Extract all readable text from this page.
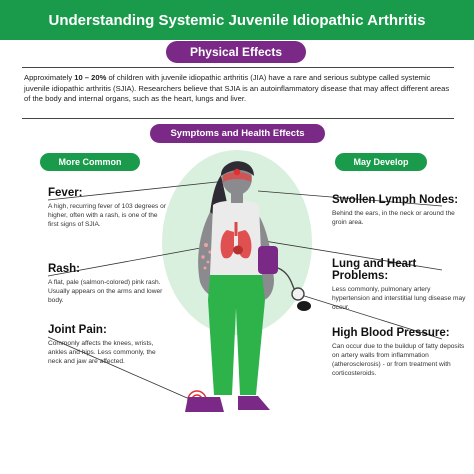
Understanding Systemic Juvenile Idiopathic Arthritis
Physical Effects

Approximately 10 – 20% of children with juvenile idiopathic arthritis (JIA) have a rare and serious subtype called systemic juvenile idiopathic arthritis (SJIA). Researchers believe that SJIA is an autoinflammatory disease that may affect different areas of the body and internal organs, such as the heart, lungs and liver.

Symptoms and Health Effects
More Common	May Develop
Fever:
A high, recurring fever of 103 degrees or higher, often with a rash, is one of the first signs of SJIA.
Rash:
A flat, pale (salmon-colored) pink rash. Usually appears on the arms and lower body.
Joint Pain:
Commonly affects the knees, wrists, ankles and hips. Less commonly, the neck and jaw are affected.
Swollen Lymph Nodes:
Behind the ears, in the neck or around the groin area.
Lung and Heart Problems:
Less commonly, pulmonary artery hypertension and interstitial lung disease may occur.
High Blood Pressure:
Can occur due to the buildup of fatty deposits on artery walls from inflammation (atherosclerosis) - or from treatment with corticosteroids.
